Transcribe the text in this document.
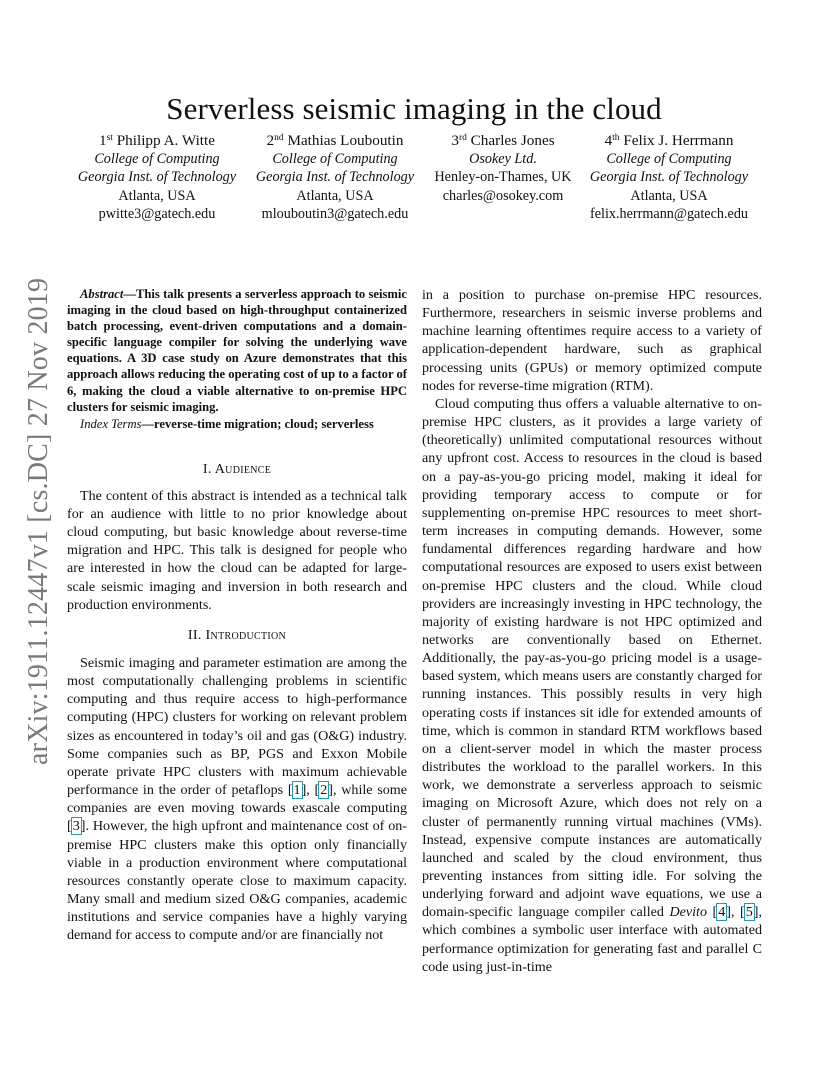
Serverless seismic imaging in the cloud
1st Philipp A. Witte
College of Computing
Georgia Inst. of Technology
Atlanta, USA
pwitte3@gatech.edu
2nd Mathias Louboutin
College of Computing
Georgia Inst. of Technology
Atlanta, USA
mlouboutin3@gatech.edu
3rd Charles Jones
Osokey Ltd.
Henley-on-Thames, UK
charles@osokey.com
4th Felix J. Herrmann
College of Computing
Georgia Inst. of Technology
Atlanta, USA
felix.herrmann@gatech.edu
arXiv:1911.12447v1 [cs.DC] 27 Nov 2019	Abstract—This talk presents a serverless approach to seismic imaging in the cloud based on high-throughput containerized batch processing, event-driven computations and a domain-specific language compiler for solving the underlying wave equations. A 3D case study on Azure demonstrates that this approach allows reducing the operating cost of up to a factor of 6, making the cloud a viable alternative to on-premise HPC clusters for seismic imaging.

Index Terms—reverse-time migration; cloud; serverless

I. Audience

The content of this abstract is intended as a technical talk for an audience with little to no prior knowledge about cloud computing, but basic knowledge about reverse-time migration and HPC. This talk is designed for people who are interested in how the cloud can be adapted for large-scale seismic imaging and inversion in both research and production environments.

II. Introduction

Seismic imaging and parameter estimation are among the most computationally challenging problems in scientific computing and thus require access to high-performance computing (HPC) clusters for working on relevant problem sizes as encountered in today’s oil and gas (O&G) industry. Some companies such as BP, PGS and Exxon Mobile operate private HPC clusters with maximum achievable performance in the order of petaflops [1], [2], while some companies are even moving towards exascale computing [3]. However, the high upfront and maintenance cost of on-premise HPC clusters make this option only financially viable in a production environment where computational resources constantly operate close to maximum capacity. Many small and medium sized O&G companies, academic institutions and service companies have a highly varying demand for access to compute and/or are financially not

in a position to purchase on-premise HPC resources. Furthermore, researchers in seismic inverse problems and machine learning oftentimes require access to a variety of application-dependent hardware, such as graphical processing units (GPUs) or memory optimized compute nodes for reverse-time migration (RTM).

Cloud computing thus offers a valuable alternative to on-premise HPC clusters, as it provides a large variety of (theoretically) unlimited computational resources without any upfront cost. Access to resources in the cloud is based on a pay-as-you-go pricing model, making it ideal for providing temporary access to compute or for supplementing on-premise HPC resources to meet short-term increases in computing demands. However, some fundamental differences regarding hardware and how computational resources are exposed to users exist between on-premise HPC clusters and the cloud. While cloud providers are increasingly investing in HPC technology, the majority of existing hardware is not HPC optimized and networks are conventionally based on Ethernet. Additionally, the pay-as-you-go pricing model is a usage-based system, which means users are constantly charged for running instances. This possibly results in very high operating costs if instances sit idle for extended amounts of time, which is common in standard RTM workflows based on a client-server model in which the master process distributes the workload to the parallel workers. In this work, we demonstrate a serverless approach to seismic imaging on Microsoft Azure, which does not rely on a cluster of permanently running virtual machines (VMs). Instead, expensive compute instances are automatically launched and scaled by the cloud environment, thus preventing instances from sitting idle. For solving the underlying forward and adjoint wave equations, we use a domain-specific language compiler called Devito [4], [5], which combines a symbolic user interface with automated performance optimization for generating fast and parallel C code using just-in-time
